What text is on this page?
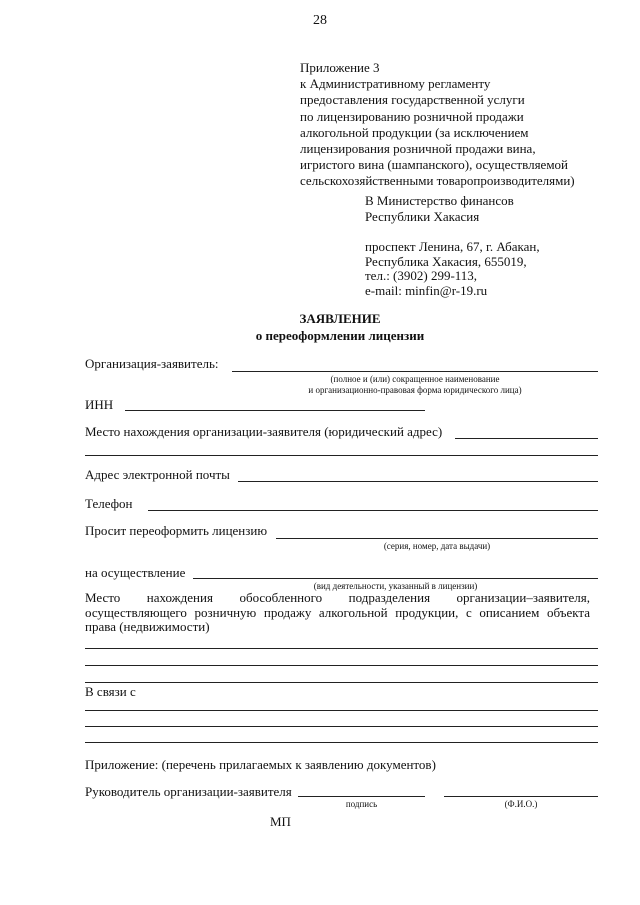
28
Приложение 3
к Административному регламенту
предоставления государственной услуги
по лицензированию розничной продажи
алкогольной продукции (за исключением
лицензирования розничной продажи вина,
игристого вина (шампанского), осуществляемой
сельскохозяйственными товаропроизводителями)
В Министерство финансов
Республики Хакасия
проспект Ленина, 67, г. Абакан,
Республика Хакасия, 655019,
тел.: (3902) 299-113,
e-mail: minfin@r-19.ru
ЗАЯВЛЕНИЕ
о переоформлении лицензии
Организация-заявитель:
(полное и (или) сокращенное наименование
и организационно-правовая форма юридического лица)
ИНН
Место нахождения организации-заявителя (юридический адрес)
Адрес электронной почты
Телефон
Просит переоформить лицензию
(серия, номер, дата выдачи)
на осуществление
(вид деятельности, указанный в лицензии)
Место нахождения обособленного подразделения организации–заявителя, осуществляющего розничную продажу алкогольной продукции, с описанием объекта права (недвижимости)
В связи с
Приложение: (перечень прилагаемых к заявлению документов)
Руководитель организации-заявителя
подпись	(Ф.И.О.)
МП
